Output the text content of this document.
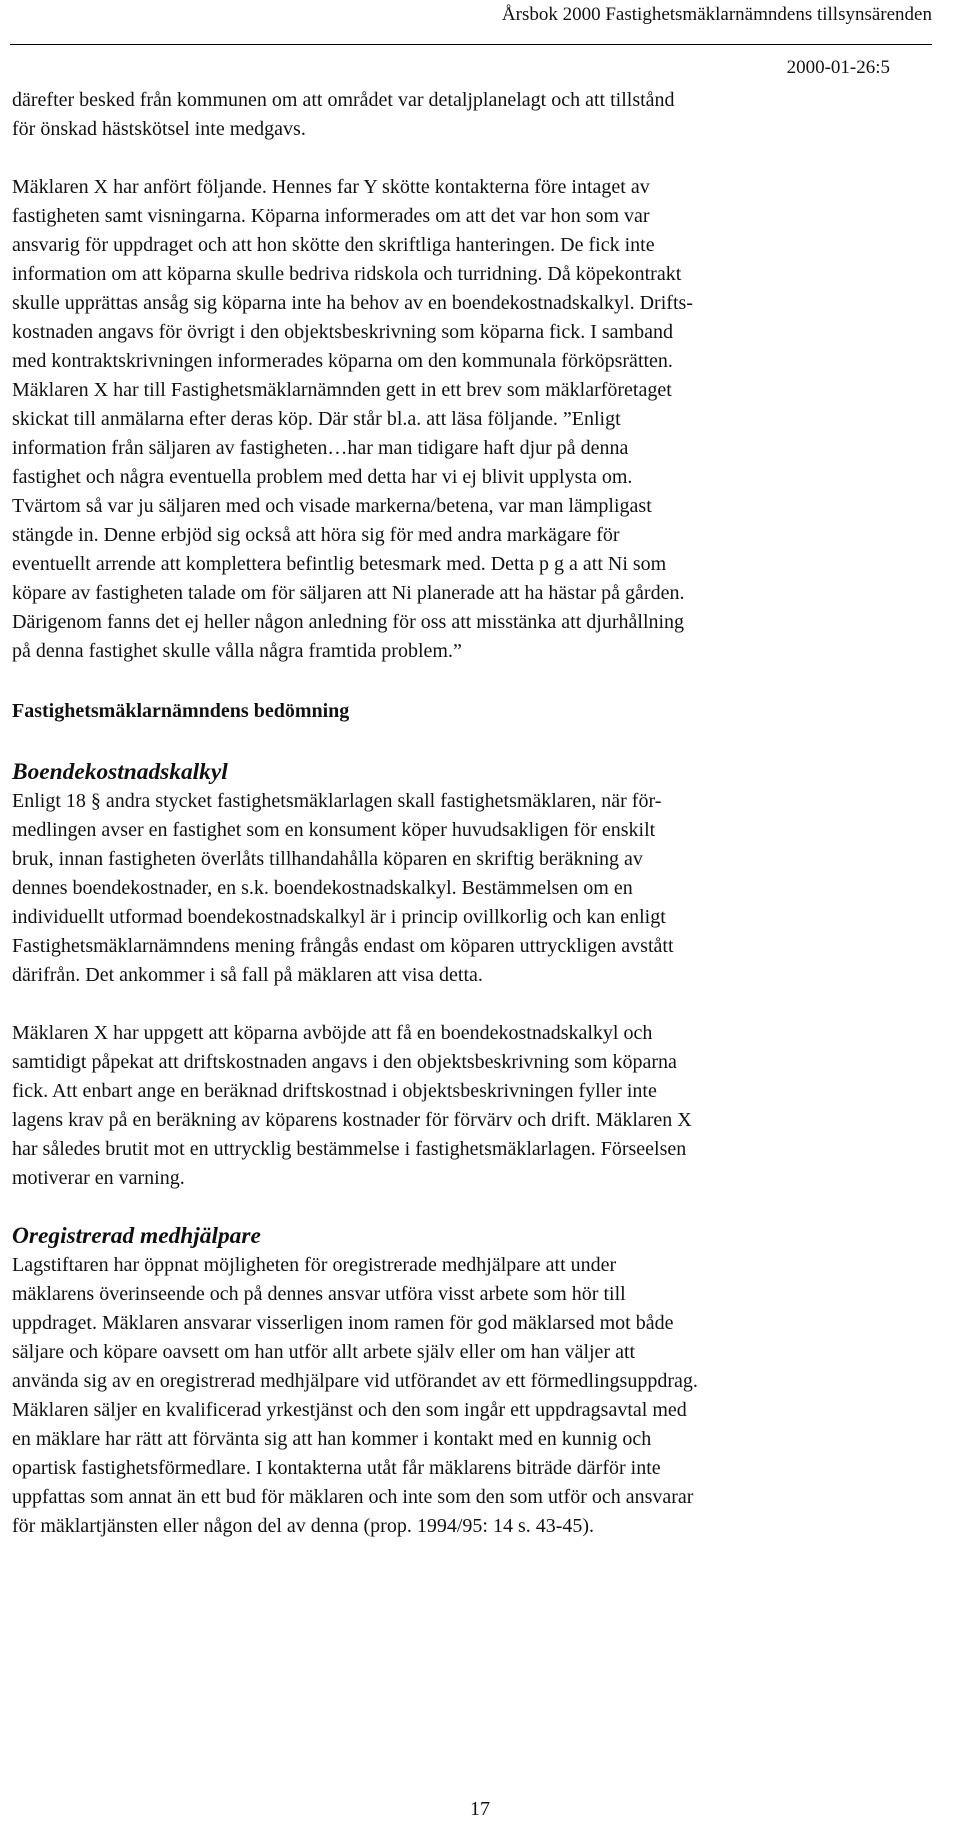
Årsbok 2000 Fastighetsmäklarnämndens tillsynsärenden
2000-01-26:5

därefter besked från kommunen om att området var detaljplanelagt och att tillstånd
för önskad hästskötsel inte medgavs.

Mäklaren X har anfört följande. Hennes far Y skötte kontakterna före intaget av
fastigheten samt visningarna. Köparna informerades om att det var hon som var
ansvarig för uppdraget och att hon skötte den skriftliga hanteringen. De fick inte
information om att köparna skulle bedriva ridskola och turridning. Då köpekontrakt
skulle upprättas ansåg sig köparna inte ha behov av en boendekostnadskalkyl. Drifts-
kostnaden angavs för övrigt i den objektsbeskrivning som köparna fick. I samband
med kontraktskrivningen informerades köparna om den kommunala förköpsrätten.
Mäklaren X har till Fastighetsmäklarnämnden gett in ett brev som mäklarföretaget
skickat till anmälarna efter deras köp. Där står bl.a. att läsa följande. ”Enligt
information från säljaren av fastigheten…har man tidigare haft djur på denna
fastighet och några eventuella problem med detta har vi ej blivit upplysta om.
Tvärtom så var ju säljaren med och visade markerna/betena, var man lämpligast
stängde in. Denne erbjöd sig också att höra sig för med andra markägare för
eventuellt arrende att komplettera befintlig betesmark med. Detta p g a att Ni som
köpare av fastigheten talade om för säljaren att Ni planerade att ha hästar på gården.
Därigenom fanns det ej heller någon anledning för oss att misstänka att djurhållning
på denna fastighet skulle vålla några framtida problem.”

Fastighetsmäklarnämndens bedömning
Boendekostnadskalkyl

Enligt 18 § andra stycket fastighetsmäklarlagen skall fastighetsmäklaren, när för-
medlingen avser en fastighet som en konsument köper huvudsakligen för enskilt
bruk, innan fastigheten överlåts tillhandahålla köparen en skriftig beräkning av
dennes boendekostnader, en s.k. boendekostnadskalkyl. Bestämmelsen om en
individuellt utformad boendekostnadskalkyl är i princip ovillkorlig och kan enligt
Fastighetsmäklarnämndens mening frångås endast om köparen uttryckligen avstått
därifrån. Det ankommer i så fall på mäklaren att visa detta.

Mäklaren X har uppgett att köparna avböjde att få en boendekostnadskalkyl och
samtidigt påpekat att driftskostnaden angavs i den objektsbeskrivning som köparna
fick. Att enbart ange en beräknad driftskostnad i objektsbeskrivningen fyller inte
lagens krav på en beräkning av köparens kostnader för förvärv och drift. Mäklaren X
har således brutit mot en uttrycklig bestämmelse i fastighetsmäklarlagen. Förseelsen
motiverar en varning.

Oregistrerad medhjälpare

Lagstiftaren har öppnat möjligheten för oregistrerade medhjälpare att under
mäklarens överinseende och på dennes ansvar utföra visst arbete som hör till
uppdraget. Mäklaren ansvarar visserligen inom ramen för god mäklarsed mot både
säljare och köpare oavsett om han utför allt arbete själv eller om han väljer att
använda sig av en oregistrerad medhjälpare vid utförandet av ett förmedlingsuppdrag.
Mäklaren säljer en kvalificerad yrkestjänst och den som ingår ett uppdragsavtal med
en mäklare har rätt att förvänta sig att han kommer i kontakt med en kunnig och
opartisk fastighetsförmedlare. I kontakterna utåt får mäklarens biträde därför inte
uppfattas som annat än ett bud för mäklaren och inte som den som utför och ansvarar
för mäklartjänsten eller någon del av denna (prop. 1994/95: 14 s. 43-45).

17
